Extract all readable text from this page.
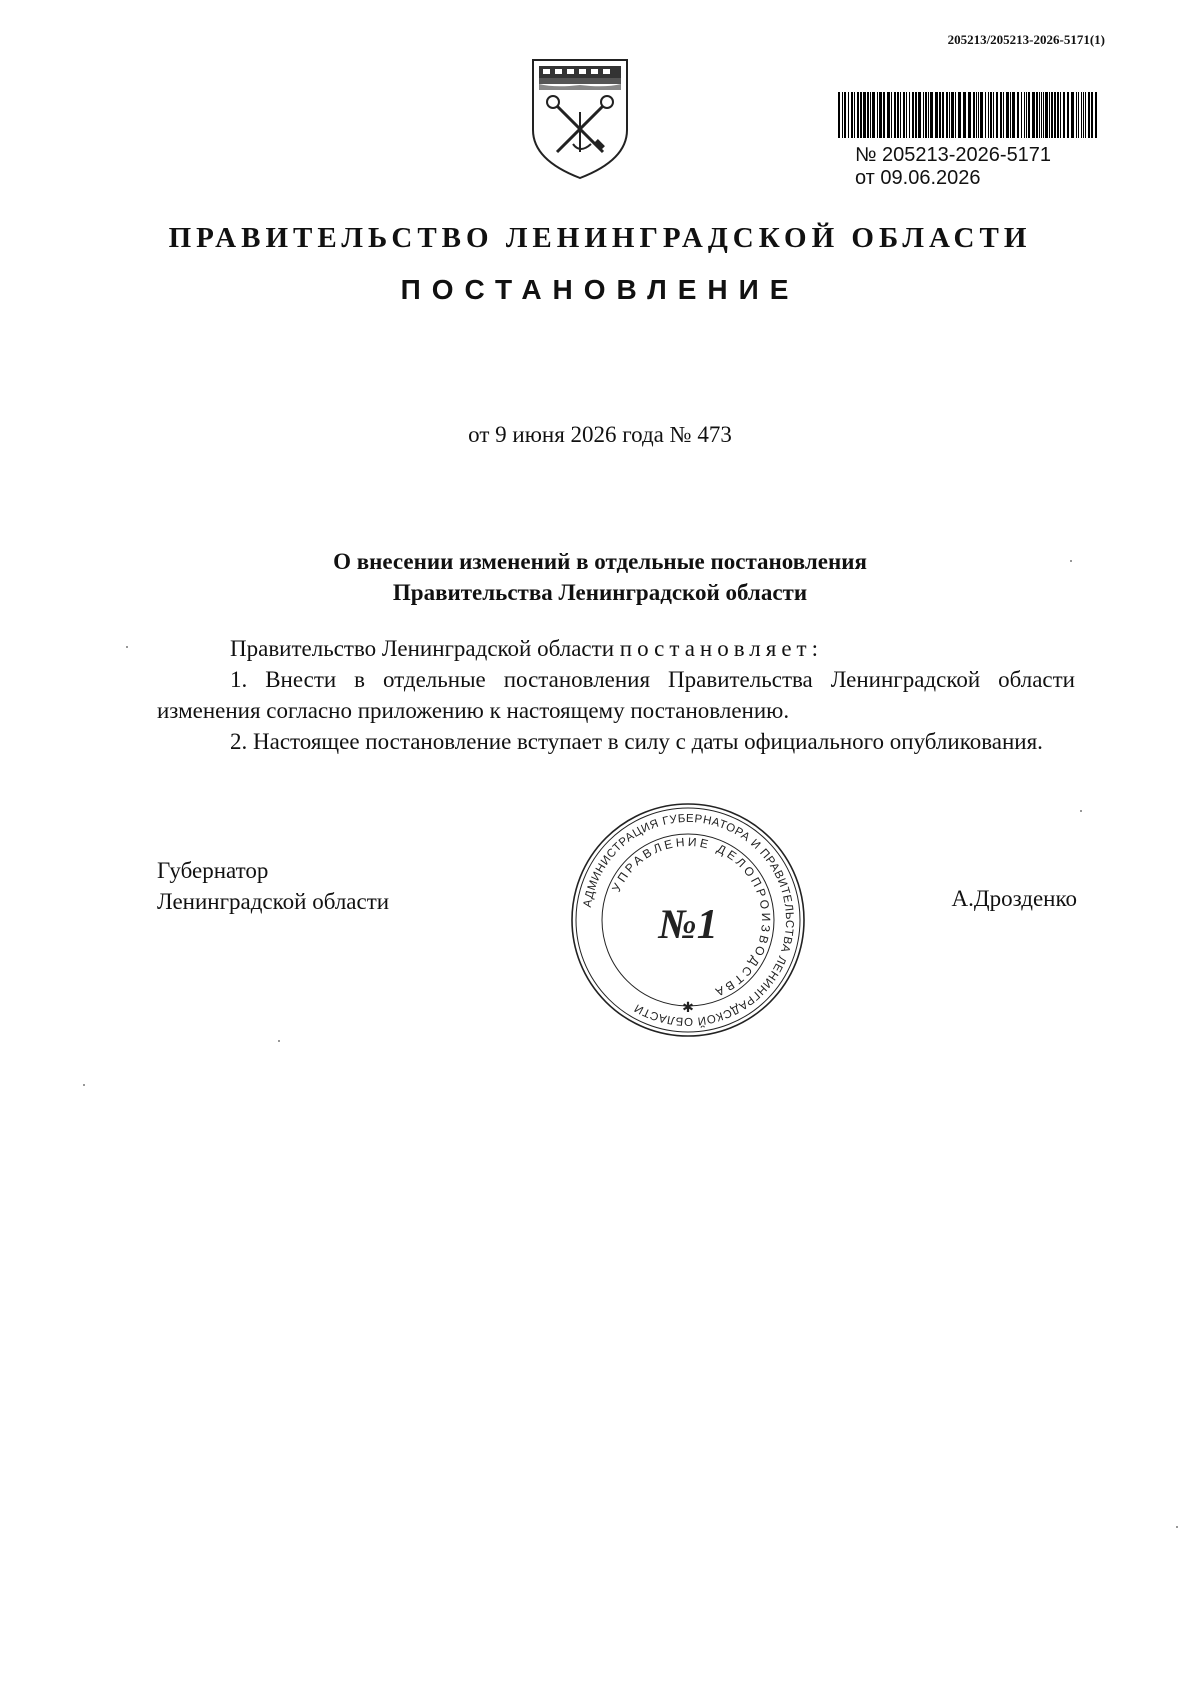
205213/205213-2026-5171(1)
№ 205213-2026-5171
от 09.06.2026
ПРАВИТЕЛЬСТВО ЛЕНИНГРАДСКОЙ ОБЛАСТИ
ПОСТАНОВЛЕНИЕ
от 9 июня 2026 года № 473
О внесении изменений в отдельные постановления
Правительства Ленинградской области

Правительство Ленинградской области постановляет:

1. Внести в отдельные постановления Правительства Ленинградской области изменения согласно приложению к настоящему постановлению.

2. Настоящее постановление вступает в силу с даты официального опубликования.

Губернатор
Ленинградской области	А.Дрозденко
АДМИНИСТРАЦИЯ ГУБЕРНАТОРА И ПРАВИТЕЛЬСТВА ЛЕНИНГРАДСКОЙ ОБЛАСТИ
УПРАВЛЕНИЕ ДЕЛОПРОИЗВОДСТВА
№1
✱
